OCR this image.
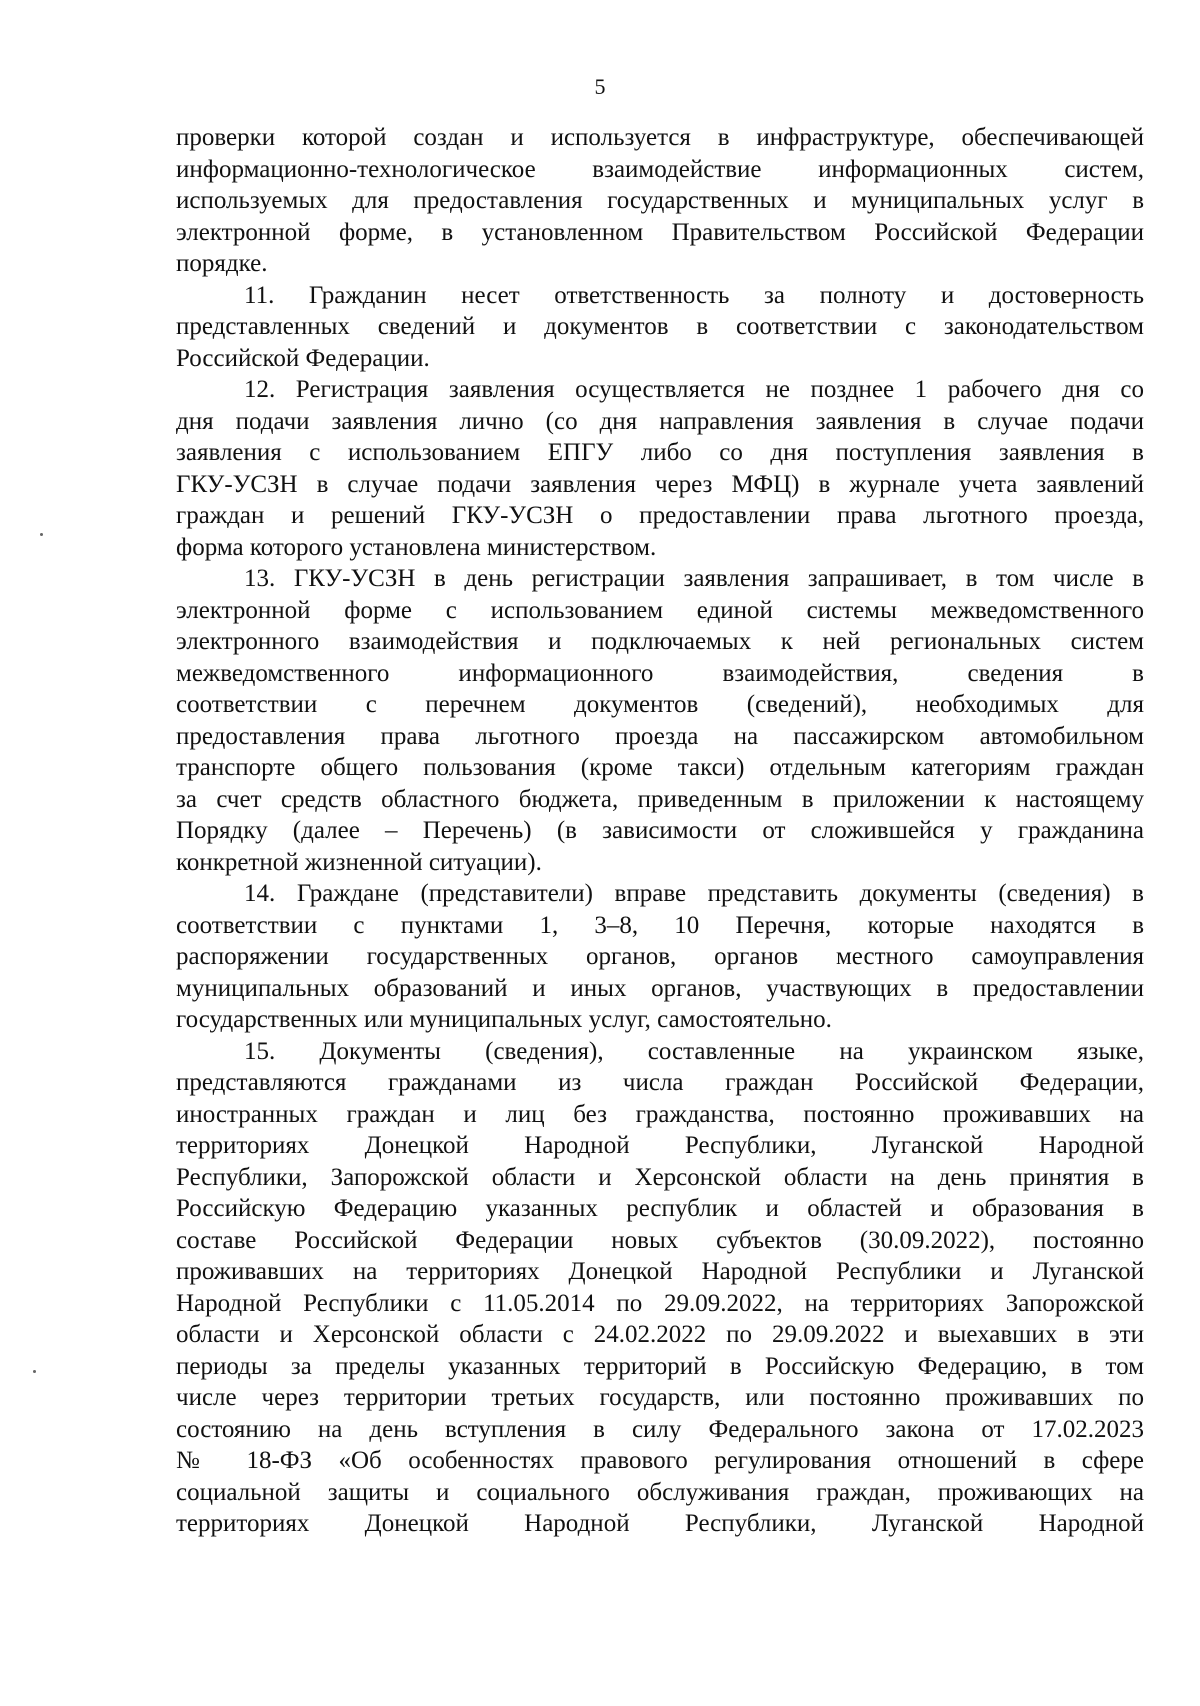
5
проверки которой создан и используется в инфраструктуре, обеспечивающей
информационно-технологическое взаимодействие информационных систем,
используемых для предоставления государственных и муниципальных услуг в
электронной форме, в установленном Правительством Российской Федерации
порядке.
11. Гражданин несет ответственность за полноту и достоверность
представленных сведений и документов в соответствии с законодательством
Российской Федерации.
12. Регистрация заявления осуществляется не позднее 1 рабочего дня со
дня подачи заявления лично (со дня направления заявления в случае подачи
заявления с использованием ЕПГУ либо со дня поступления заявления в
ГКУ-УСЗН в случае подачи заявления через МФЦ) в журнале учета заявлений
граждан и решений ГКУ-УСЗН о предоставлении права льготного проезда,
форма которого установлена министерством.
13. ГКУ-УСЗН в день регистрации заявления запрашивает, в том числе в
электронной форме с использованием единой системы межведомственного
электронного взаимодействия и подключаемых к ней региональных систем
межведомственного информационного взаимодействия, сведения в
соответствии с перечнем документов (сведений), необходимых для
предоставления права льготного проезда на пассажирском автомобильном
транспорте общего пользования (кроме такси) отдельным категориям граждан
за счет средств областного бюджета, приведенным в приложении к настоящему
Порядку (далее – Перечень) (в зависимости от сложившейся у гражданина
конкретной жизненной ситуации).
14. Граждане (представители) вправе представить документы (сведения) в
соответствии с пунктами 1, 3–8, 10 Перечня, которые находятся в
распоряжении государственных органов, органов местного самоуправления
муниципальных образований и иных органов, участвующих в предоставлении
государственных или муниципальных услуг, самостоятельно.
15. Документы (сведения), составленные на украинском языке,
представляются гражданами из числа граждан Российской Федерации,
иностранных граждан и лиц без гражданства, постоянно проживавших на
территориях Донецкой Народной Республики, Луганской Народной
Республики, Запорожской области и Херсонской области на день принятия в
Российскую Федерацию указанных республик и областей и образования в
составе Российской Федерации новых субъектов (30.09.2022), постоянно
проживавших на территориях Донецкой Народной Республики и Луганской
Народной Республики с 11.05.2014 по 29.09.2022, на территориях Запорожской
области и Херсонской области с 24.02.2022 по 29.09.2022 и выехавших в эти
периоды за пределы указанных территорий в Российскую Федерацию, в том
числе через территории третьих государств, или постоянно проживавших по
состоянию на день вступления в силу Федерального закона от 17.02.2023
№ 18-ФЗ «Об особенностях правового регулирования отношений в сфере
социальной защиты и социального обслуживания граждан, проживающих на
территориях Донецкой Народной Республики, Луганской Народной
